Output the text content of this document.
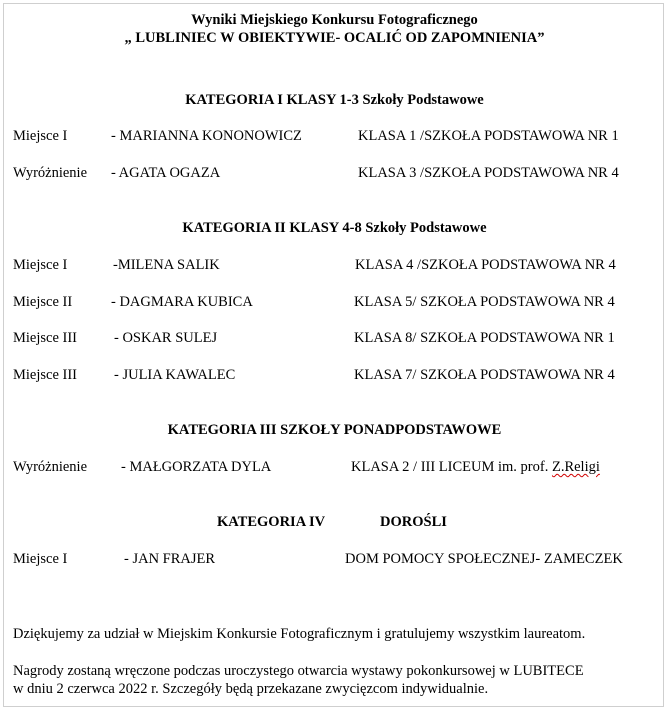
Wyniki Miejskiego Konkursu Fotograficznego
„ LUBLINIEC W OBIEKTYWIE- OCALIĆ OD ZAPOMNIENIA”
KATEGORIA I KLASY 1-3 Szkoły Podstawowe
Miejsce I	- MARIANNA KONONOWICZ	KLASA 1 /SZKOŁA PODSTAWOWA NR 1
Wyróżnienie - AGATA OGAZA	KLASA 3 /SZKOŁA PODSTAWOWA NR 4
KATEGORIA II KLASY 4-8 Szkoły Podstawowe
Miejsce I	-MILENA SALIK	KLASA 4 /SZKOŁA PODSTAWOWA NR 4
Miejsce II	- DAGMARA KUBICA	KLASA 5/ SZKOŁA PODSTAWOWA NR 4
Miejsce III	- OSKAR SULEJ	KLASA 8/ SZKOŁA PODSTAWOWA NR 1
Miejsce III	- JULIA KAWALEC	KLASA 7/ SZKOŁA PODSTAWOWA NR 4
KATEGORIA III SZKOŁY PONADPODSTAWOWE
Wyróżnienie - MAŁGORZATA DYLA	KLASA 2 / III LICEUM im. prof. Z.Religi
KATEGORIA IV	DOROŚLI
Miejsce I	- JAN FRAJER	DOM POMOCY SPOŁECZNEJ- ZAMECZEK
Dziękujemy za udział w Miejskim Konkursie Fotograficznym i gratulujemy wszystkim laureatom.
Nagrody zostaną wręczone podczas uroczystego otwarcia wystawy pokonkursowej w LUBITECE
w dniu 2 czerwca 2022 r. Szczegóły będą przekazane zwycięzcom indywidualnie.
